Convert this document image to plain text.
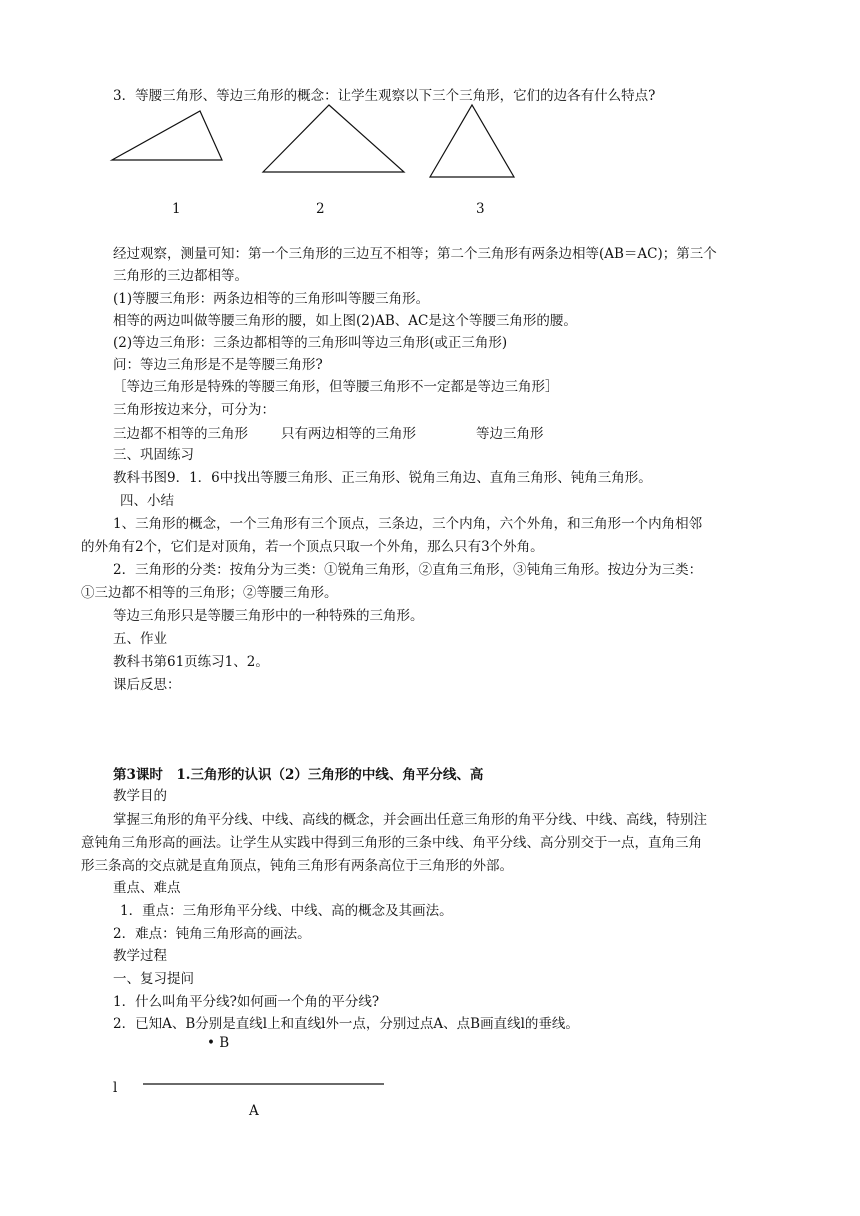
3．等腰三角形、等边三角形的概念：让学生观察以下三个三角形，它们的边各有什么特点?
1	2	3
经过观察，测量可知：第一个三角形的三边互不相等；第二个三角形有两条边相等(AB＝AC)；第三个
三角形的三边都相等。
(1)等腰三角形：两条边相等的三角形叫等腰三角形。
相等的两边叫做等腰三角形的腰，如上图(2)AB、AC是这个等腰三角形的腰。
(2)等边三角形：三条边都相等的三角形叫等边三角形(或正三角形)
问：等边三角形是不是等腰三角形?
［等边三角形是特殊的等腰三角形，但等腰三角形不一定都是等边三角形］
三角形按边来分，可分为：
三边都不相等的三角形 只有两边相等的三角形	等边三角形
三、巩固练习
教科书图9．1．6中找出等腰三角形、正三角形、锐角三角边、直角三角形、钝角三角形。
四、小结
1、三角形的概念，一个三角形有三个顶点，三条边，三个内角，六个外角，和三角形一个内角相邻
的外角有2个，它们是对顶角，若一个顶点只取一个外角，那么只有3个外角。
2．三角形的分类：按角分为三类：①锐角三角形，②直角三角形，③钝角三角形。按边分为三类：
①三边都不相等的三角形；②等腰三角形。
等边三角形只是等腰三角形中的一种特殊的三角形。
五、作业
教科书第61页练习1、2。
课后反思：
第3课时　1.三角形的认识（2）三角形的中线、角平分线、高
教学目的
掌握三角形的角平分线、中线、高线的概念，并会画出任意三角形的角平分线、中线、高线，特别注
意钝角三角形高的画法。让学生从实践中得到三角形的三条中线、角平分线、高分别交于一点，直角三角
形三条高的交点就是直角顶点，钝角三角形有两条高位于三角形的外部。
重点、难点
1．重点：三角形角平分线、中线、高的概念及其画法。
2．难点：钝角三角形高的画法。
教学过程
一、复习提问
1．什么叫角平分线?如何画一个角的平分线?
2．已知A、B分别是直线l上和直线l外一点，分别过点A、点B画直线l的垂线。
• B
l
A
